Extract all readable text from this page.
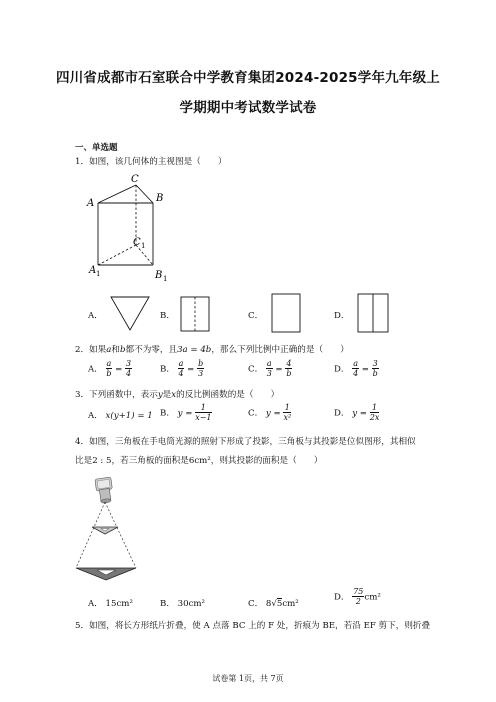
四川省成都市石室联合中学教育集团2024-2025学年九年级上
学期期中考试数学试卷
一、单选题
1．如图，该几何体的主视图是（　　）
C
A	B
C 1
A 1	B 1
A．	B．	C．	D．
2．如果a和b都不为零，且3a = 4b，那么下列比例中正确的是（　　）
A． $\frac{a}{b} = \frac{3}{4}$	B． $\frac{a}{4} = \frac{b}{3}$	C． $\frac{a}{3} = \frac{4}{b}$	D． $\frac{a}{4} = \frac{3}{b}$
3．下列函数中，表示y是x的反比例函数的是（　　）
A． x(y+1) = 1 B． $y = \frac{1}{x-1}$	C． $y = \frac{1}{\text{x²}}$	D． $y = \frac{1}{2x}$
4．如图，三角板在手电筒光源的照射下形成了投影，三角板与其投影是位似图形，其相似
比是2 : 5，若三角板的面积是6cm²，则其投影的面积是（　　）
A． 15cm²	B． 30cm²	C． 8√5cm²
D． $\frac{75}{2} cm^2$
5．如图，将长方形纸片折叠，使 A 点落 BC 上的 F 处，折痕为 BE，若沿 EF 剪下，则折叠
试卷第 1页，共 7页
